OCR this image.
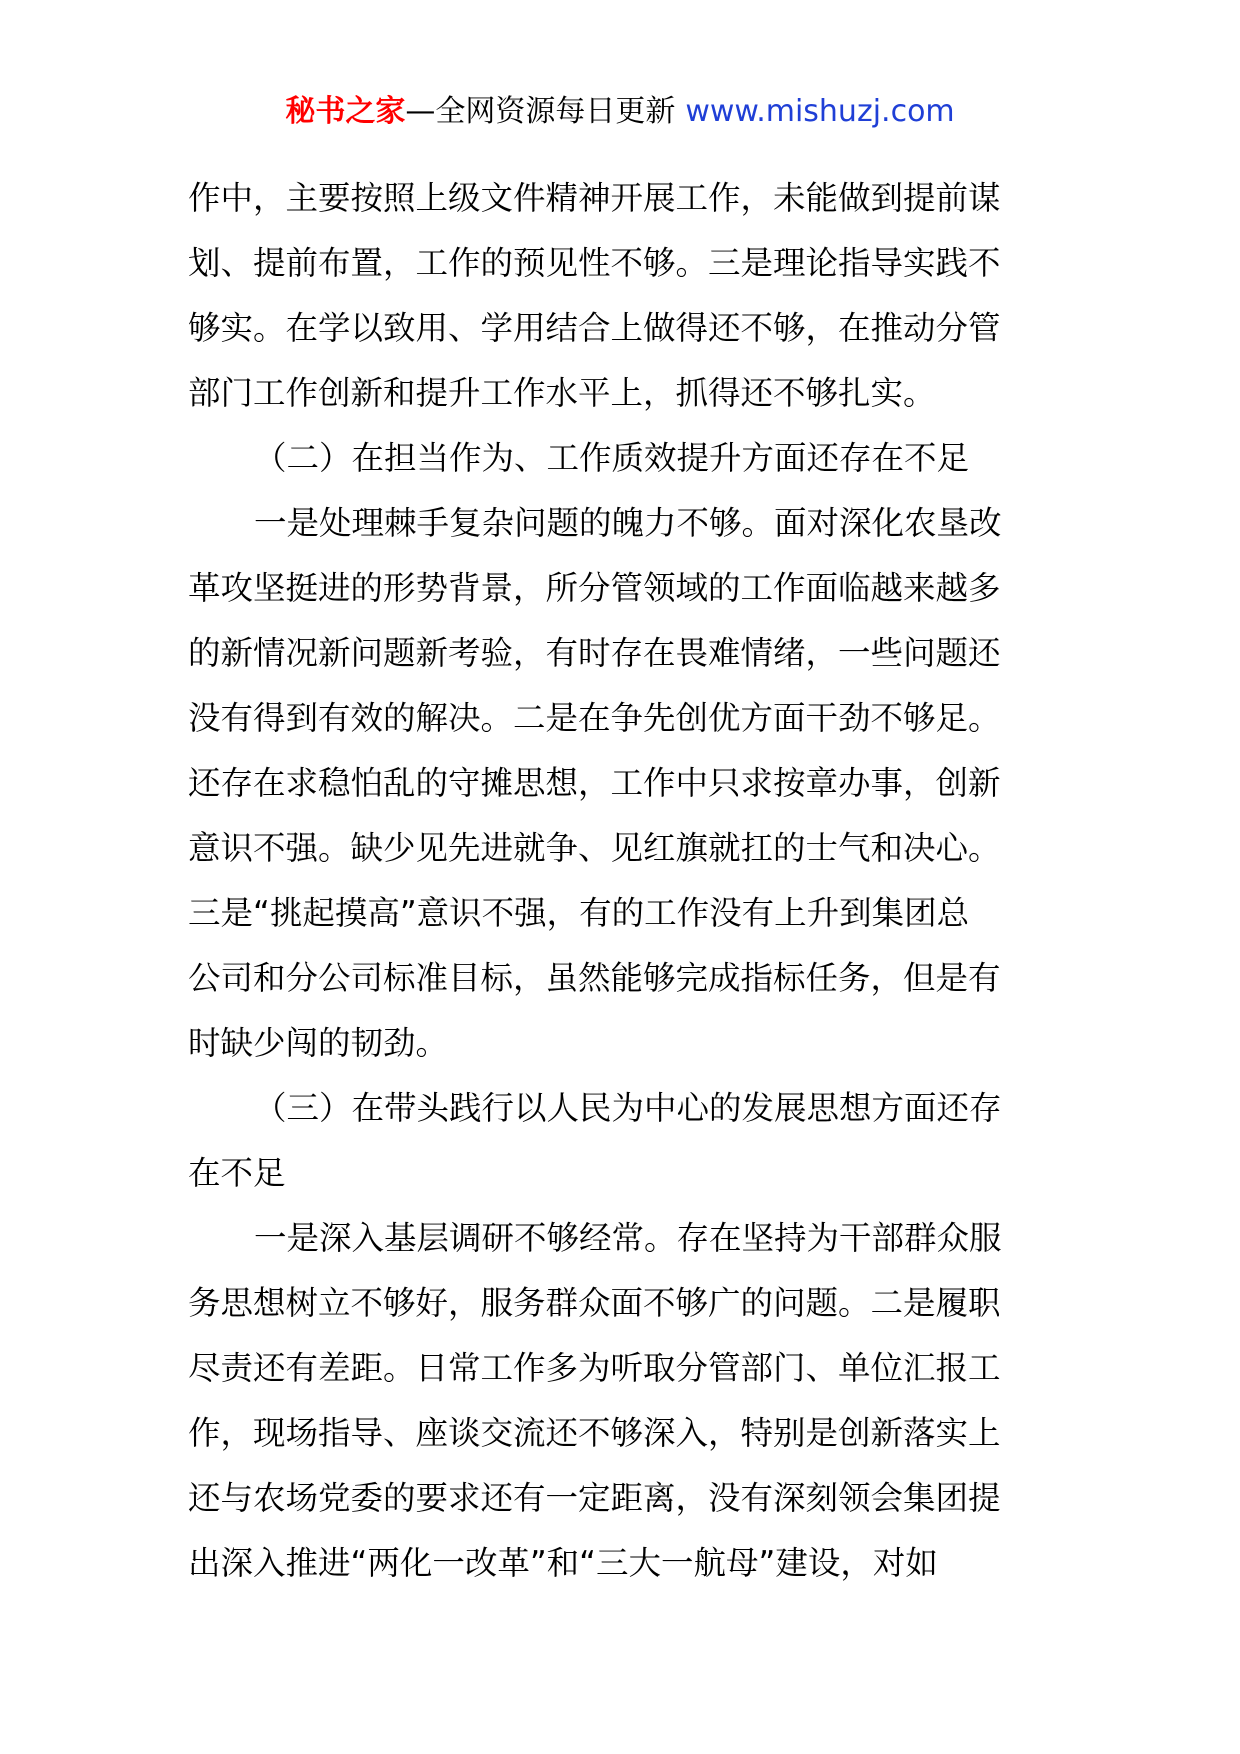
秘书之家—全网资源每日更新 www.mishuzj.com
作中，主要按照上级文件精神开展工作，未能做到提前谋
划、提前布置，工作的预见性不够。三是理论指导实践不
够实。在学以致用、学用结合上做得还不够，在推动分管
部门工作创新和提升工作水平上，抓得还不够扎实。
（二）在担当作为、工作质效提升方面还存在不足
一是处理棘手复杂问题的魄力不够。面对深化农垦改
革攻坚挺进的形势背景，所分管领域的工作面临越来越多
的新情况新问题新考验，有时存在畏难情绪，一些问题还
没有得到有效的解决。二是在争先创优方面干劲不够足。
还存在求稳怕乱的守摊思想，工作中只求按章办事，创新
意识不强。缺少见先进就争、见红旗就扛的士气和决心。
三是“挑起摸高”意识不强，有的工作没有上升到集团总
公司和分公司标准目标，虽然能够完成指标任务，但是有
时缺少闯的韧劲。
（三）在带头践行以人民为中心的发展思想方面还存
在不足
一是深入基层调研不够经常。存在坚持为干部群众服
务思想树立不够好，服务群众面不够广的问题。二是履职
尽责还有差距。日常工作多为听取分管部门、单位汇报工
作，现场指导、座谈交流还不够深入，特别是创新落实上
还与农场党委的要求还有一定距离，没有深刻领会集团提
出深入推进“两化一改革”和“三大一航母”建设，对如
